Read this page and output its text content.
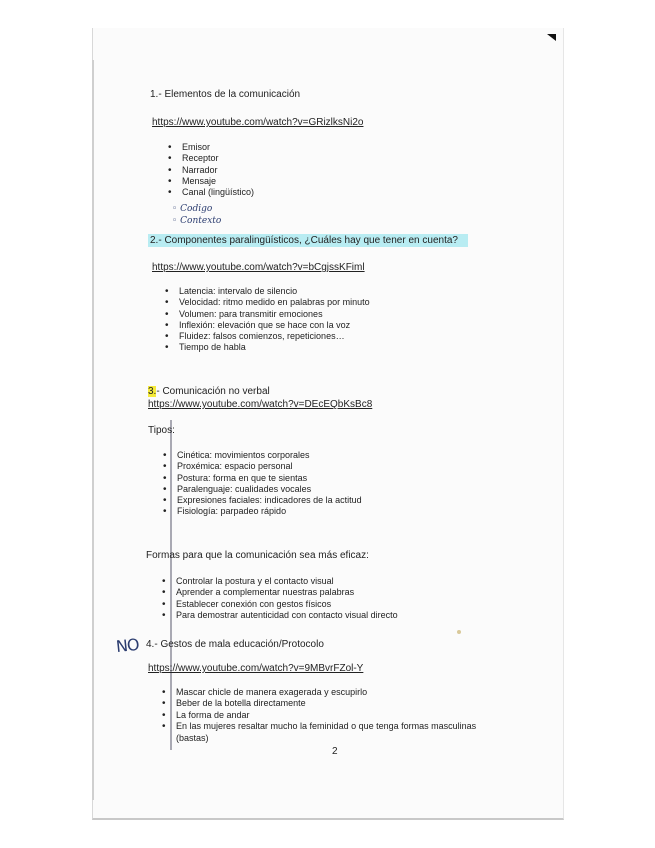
1.- Elementos de la comunicación
https://www.youtube.com/watch?v=GRizlksNi2o
• Emisor
• Receptor
• Narrador
• Mensaje
• Canal (lingüístico)
◦ Codigo
◦ Contexto
2.- Componentes paralingüísticos, ¿Cuáles hay que tener en cuenta?
https://www.youtube.com/watch?v=bCgjssKFiml
• Latencia: intervalo de silencio
• Velocidad: ritmo medido en palabras por minuto
• Volumen: para transmitir emociones
• Inflexión: elevación que se hace con la voz
• Fluidez: falsos comienzos, repeticiones…
• Tiempo de habla
3.- Comunicación no verbal
https://www.youtube.com/watch?v=DEcEQbKsBc8
Tipos:
• Cinética: movimientos corporales
• Proxémica: espacio personal
• Postura: forma en que te sientas
• Paralenguaje: cualidades vocales
• Expresiones faciales: indicadores de la actitud
• Fisiología: parpadeo rápido
Formas para que la comunicación sea más eficaz:
• Controlar la postura y el contacto visual
• Aprender a complementar nuestras palabras
• Establecer conexión con gestos físicos
• Para demostrar autenticidad con contacto visual directo
NO 4.- Gestos de mala educación/Protocolo
https://www.youtube.com/watch?v=9MBvrFZol-Y
• Mascar chicle de manera exagerada y escupirlo
• Beber de la botella directamente
• La forma de andar
• En las mujeres resaltar mucho la feminidad o que tenga formas masculinas
(bastas)
2
